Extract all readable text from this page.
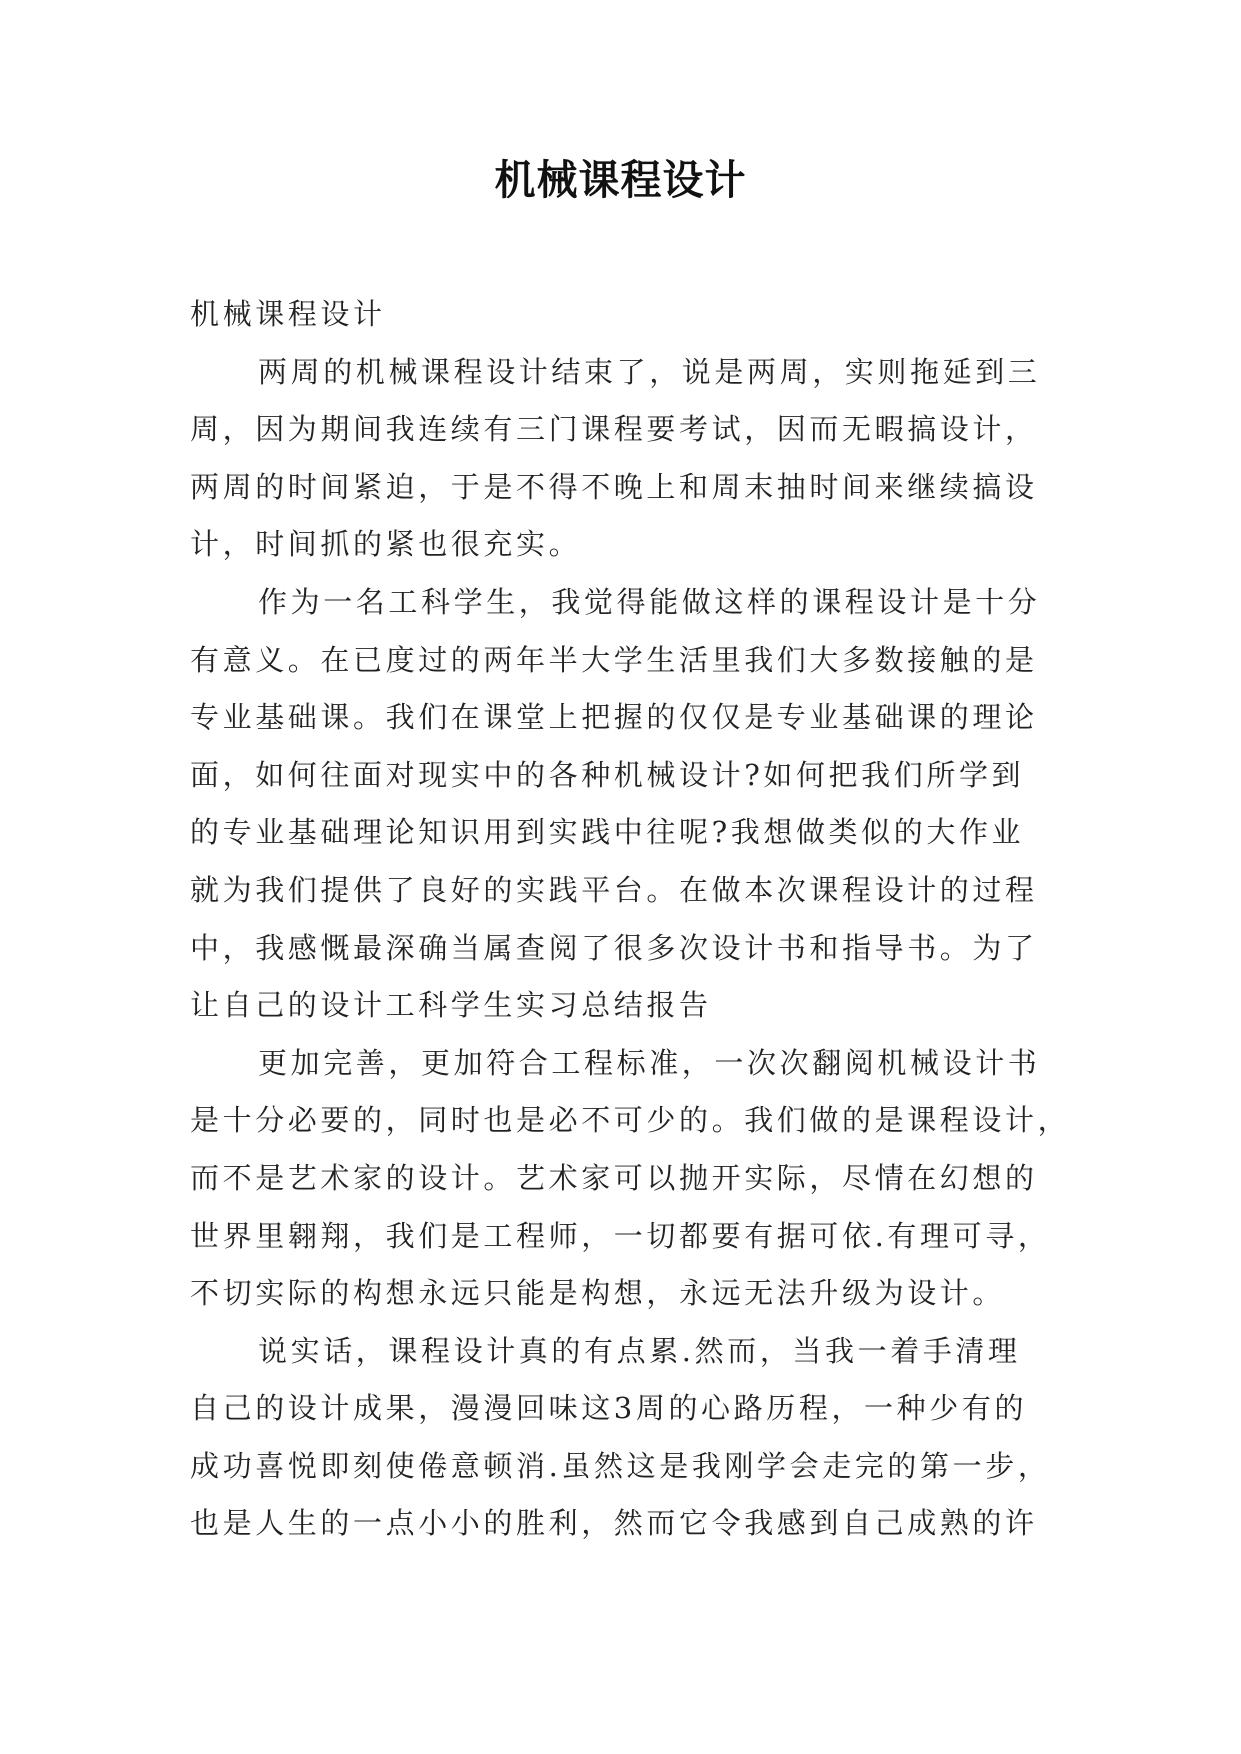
机械课程设计
机械课程设计
两周的机械课程设计结束了，说是两周，实则拖延到三
周，因为期间我连续有三门课程要考试，因而无暇搞设计，
两周的时间紧迫，于是不得不晚上和周末抽时间来继续搞设
计，时间抓的紧也很充实。
作为一名工科学生，我觉得能做这样的课程设计是十分
有意义。在已度过的两年半大学生活里我们大多数接触的是
专业基础课。我们在课堂上把握的仅仅是专业基础课的理论
面，如何往面对现实中的各种机械设计?如何把我们所学到
的专业基础理论知识用到实践中往呢?我想做类似的大作业
就为我们提供了良好的实践平台。在做本次课程设计的过程
中，我感慨最深确当属查阅了很多次设计书和指导书。为了
让自己的设计工科学生实习总结报告
更加完善，更加符合工程标准，一次次翻阅机械设计书
是十分必要的，同时也是必不可少的。我们做的是课程设计，
而不是艺术家的设计。艺术家可以抛开实际，尽情在幻想的
世界里翱翔，我们是工程师，一切都要有据可依.有理可寻，
不切实际的构想永远只能是构想，永远无法升级为设计。
说实话，课程设计真的有点累.然而，当我一着手清理
自己的设计成果，漫漫回味这3周的心路历程，一种少有的
成功喜悦即刻使倦意顿消.虽然这是我刚学会走完的第一步，
也是人生的一点小小的胜利，然而它令我感到自己成熟的许
